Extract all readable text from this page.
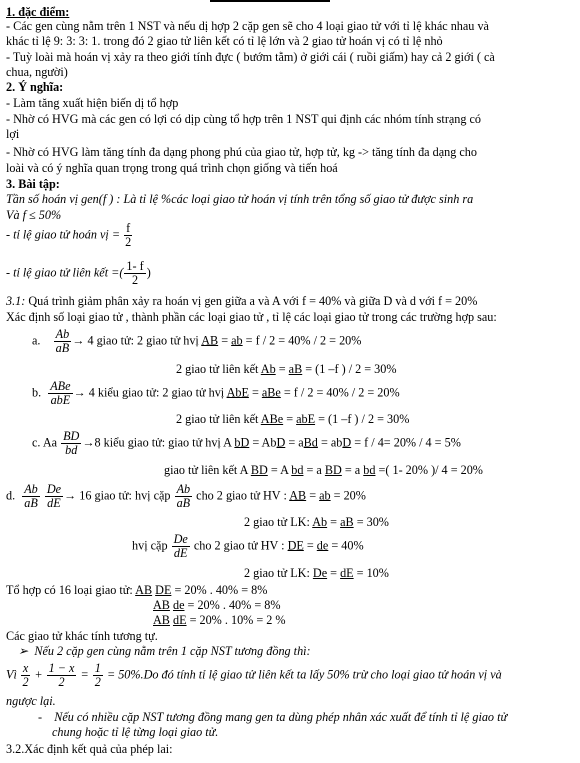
1. đặc điểm:
- Các gen cùng nằm trên 1 NST và nếu dị hợp 2 cặp gen sẽ cho 4 loại giao tử với tỉ lệ khác nhau và
khác tỉ lệ 9: 3: 3: 1. trong đó 2 giao tử liên kết có tỉ lệ lớn và 2 giao tử hoán vị có tỉ lệ nhỏ
- Tuỳ loài mà hoán vị xảy ra theo giới tính đực ( bướm tằm) ở giới cái ( ruồi giấm) hay cả 2 giới ( cà
chua, người)
2. Ý nghĩa:
- Làm tăng xuất hiện biến dị tổ hợp
- Nhờ có HVG mà các gen có lợi có dịp cùng tổ hợp trên 1 NST qui định các nhóm tính strạng có
lợi
- Nhờ có HVG làm tăng tính đa dạng phong phú của giao tử, hợp tử, kg -> tăng tính đa dạng cho
loài và có ý nghĩa quan trọng trong quá trình chọn giống và tiến hoá
3. Bài tập:
Tần số hoán vị gen(f ) : Là tỉ lệ %các loại giao tử hoán vị tính trên tổng số giao tử được sinh ra
Và f ≤ 50%
- tỉ lệ giao tử hoán vị = $\frac{f}{2}$
- tỉ lệ giao tử liên kết =( $\frac{1- f}{2}$ )
3.1: Quá trình giảm phân xảy ra hoán vị gen giữa a và A với f = 40% và giữa D và d với f = 20%
Xác định số loại giao tử , thành phần các loại giao tử , tỉ lệ các loại giao tử trong các trường hợp sau:
a. $\frac{Ab}{aB} \to 4$ giao tử: 2 giao tử hvị AB = ab = f / 2 = 40% / 2 = 20%
2 giao tử liên kết Ab = aB = (1 –f ) / 2 = 30%
b. $\frac{\text{ABe}}{\text{abE}} \to 4$ kiểu giao tử: 2 giao tử hvị AbE = aBe = f / 2 = 40% / 2 = 20%
2 giao tử liên kết ABe = abE = (1 –f ) / 2 = 30%
c. Aa $\frac{BD}{bd} \to 8$ kiểu giao tử: giao tử hvị A bD = AbD = aBd = abD = f / 4= 20% / 4 = 5%
giao tử liên kết A BD = A bd = a BD = a bd =( 1- 20% )/ 4 = 20%
d. $\frac{Ab}{aB}$
$\frac{De}{dE} \to 16$ giao tử: hvị cặp $\frac{Ab}{aB}$ cho 2 giao tử HV : AB = ab = 20%
2 giao tử LK: Ab = aB = 30%
hvị cặp $\frac{De}{dE}$ cho 2 giao tử HV : DE = de = 40%
2 giao tử LK: De = dE = 10%
Tổ hợp có 16 loại giao tử: AB DE = 20% . 40% = 8%
AB de = 20% . 40% = 8%
AB dE = 20% . 10% = 2 %
Các giao tử khác tính tương tự.
➢ Nếu 2 cặp gen cùng nằm trên 1 cặp NST tương đồng thì:
Vì $\frac{x}{2} + \frac{1 - x}{2} = \frac{1}{2} = 50\%.Do$ đó tính tỉ lệ giao tử liên kết ta lấy 50% trừ cho loại giao tử hoán vị và
ngược lại.
- Nếu có nhiều cặp NST tương đồng mang gen ta dùng phép nhân xác xuất để tính tỉ lệ giao tử
chung hoặc tỉ lệ từng loại giao tử.
3.2.Xác định kết quả của phép lai:
